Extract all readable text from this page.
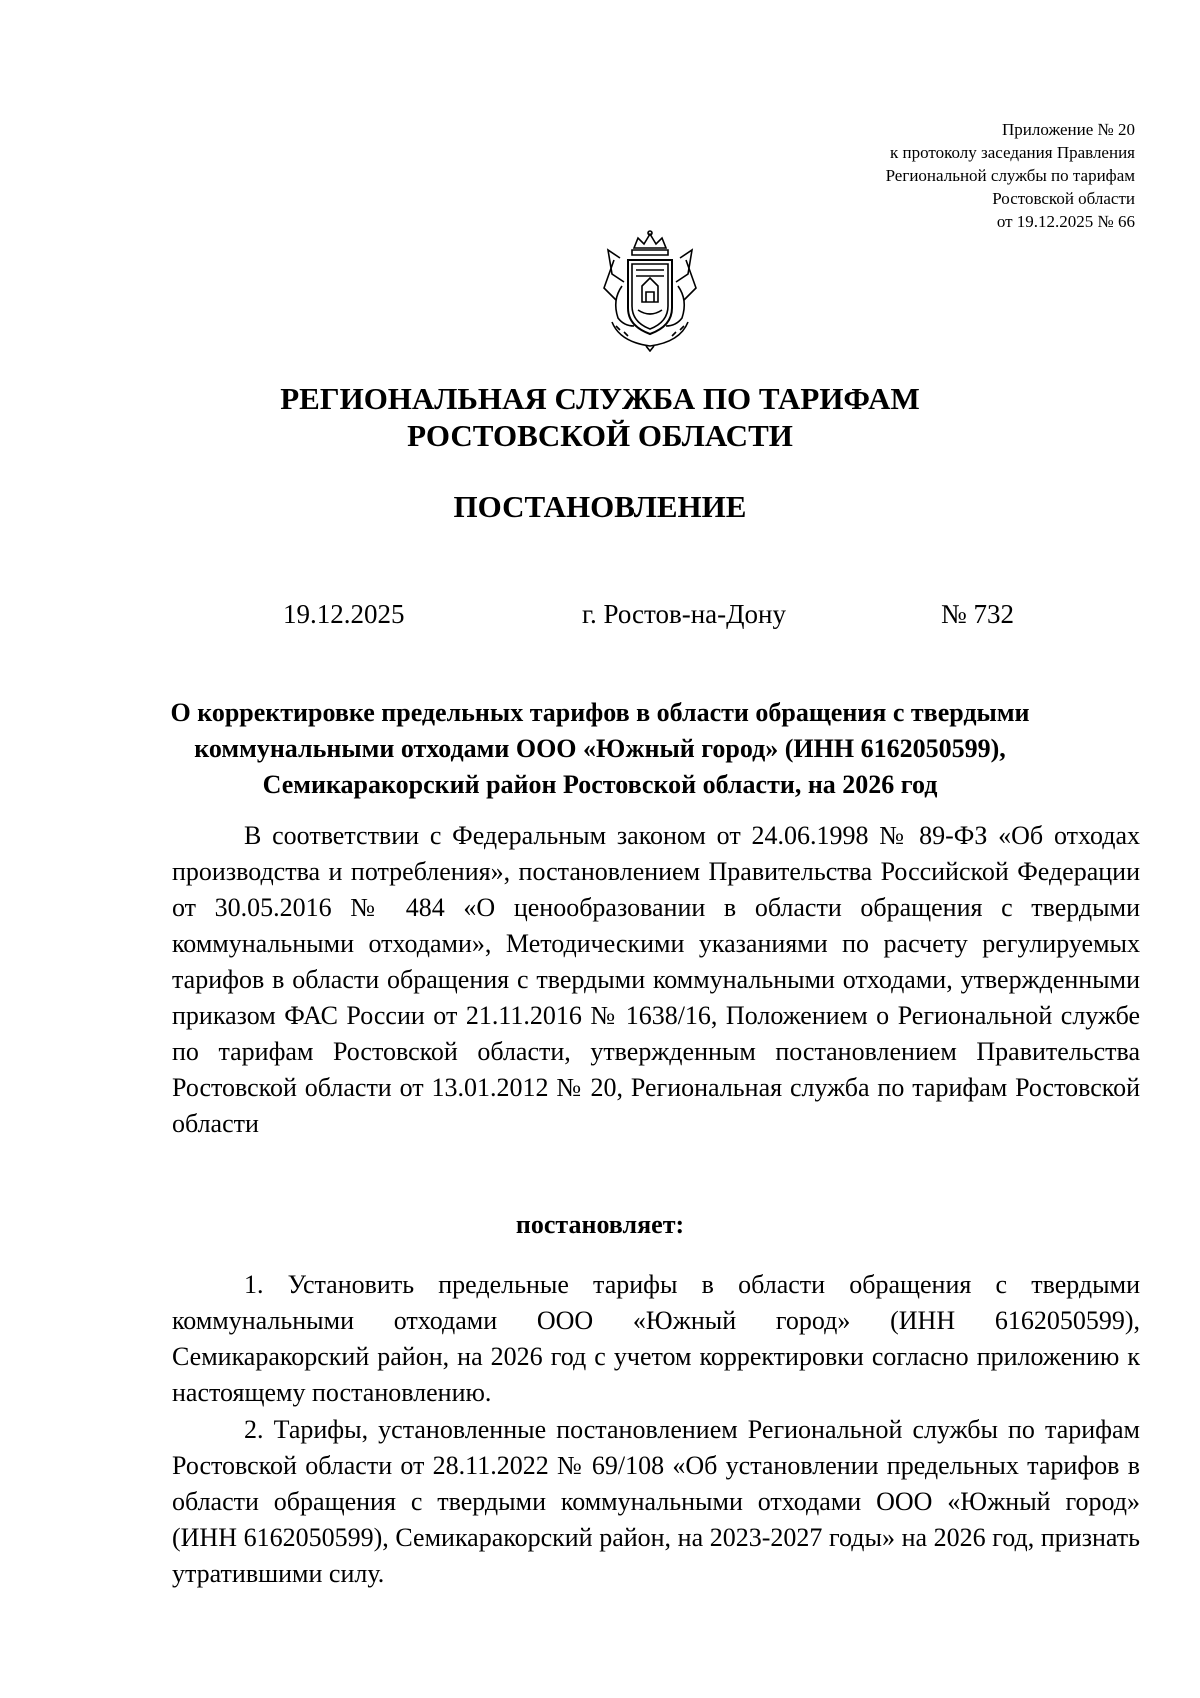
Приложение № 20
к протоколу заседания Правления
Региональной службы по тарифам
Ростовской области
от 19.12.2025 № 66
РЕГИОНАЛЬНАЯ СЛУЖБА ПО ТАРИФАМ
РОСТОВСКОЙ ОБЛАСТИ
ПОСТАНОВЛЕНИЕ
19.12.2025	г. Ростов-на-Дону	№ 732
О корректировке предельных тарифов в области обращения с твердыми
коммунальными отходами ООО «Южный город» (ИНН 6162050599),
Семикаракорский район Ростовской области, на 2026 год

В соответствии с Федеральным законом от 24.06.1998 № 89-ФЗ «Об отходах производства и потребления», постановлением Правительства Российской Федерации от 30.05.2016 № 484 «О ценообразовании в области обращения с твердыми коммунальными отходами», Методическими указаниями по расчету регулируемых тарифов в области обращения с твердыми коммунальными отходами, утвержденными приказом ФАС России от 21.11.2016 № 1638/16, Положением о Региональной службе по тарифам Ростовской области, утвержденным постановлением Правительства Ростовской области от 13.01.2012 № 20, Региональная служба по тарифам Ростовской области

постановляет:

1. Установить предельные тарифы в области обращения с твердыми коммунальными отходами ООО «Южный город» (ИНН 6162050599), Семикаракорский район, на 2026 год с учетом корректировки согласно приложению к настоящему постановлению.

2. Тарифы, установленные постановлением Региональной службы по тарифам Ростовской области от 28.11.2022 № 69/108 «Об установлении предельных тарифов в области обращения с твердыми коммунальными отходами ООО «Южный город» (ИНН 6162050599), Семикаракорский район, на 2023-2027 годы» на 2026 год, признать утратившими силу.
